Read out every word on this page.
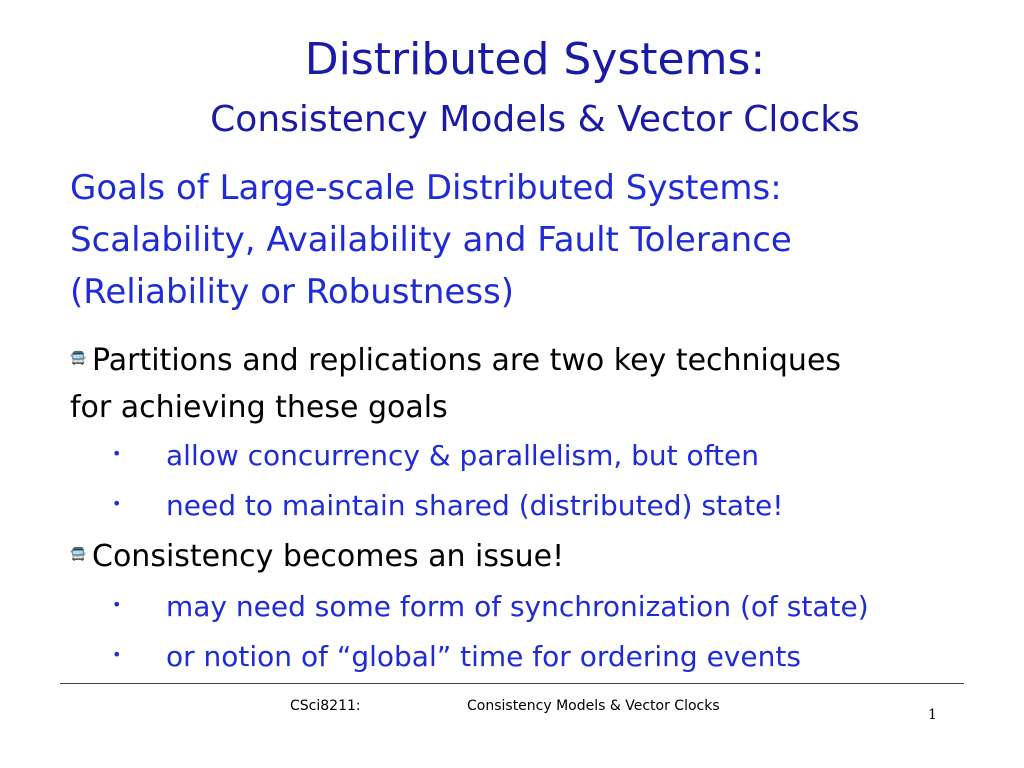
Distributed Systems:
Consistency Models & Vector Clocks
Goals of Large-scale Distributed Systems:
Scalability, Availability and Fault Tolerance
(Reliability or Robustness)
🚍 Partitions and replications are two key techniques
for achieving these goals
• allow concurrency & parallelism, but often
• need to maintain shared (distributed) state!
🚍 Consistency becomes an issue!
• may need some form of synchronization (of state)
• or notion of “global” time for ordering events
CSci8211:	Consistency Models & Vector Clocks
1
